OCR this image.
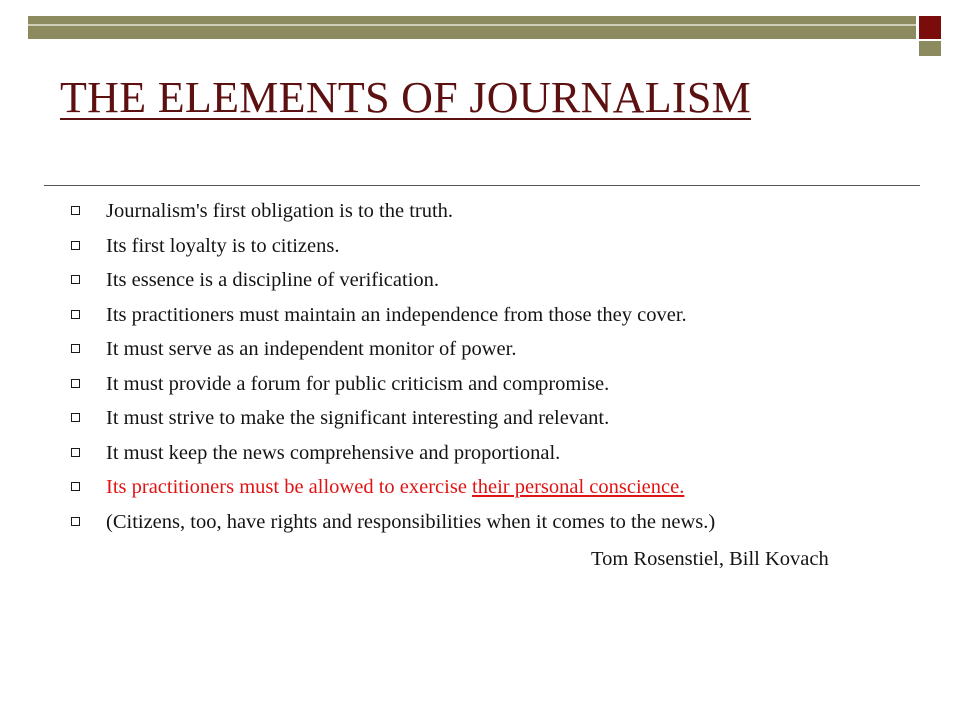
THE ELEMENTS OF JOURNALISM
Journalism's first obligation is to the truth.
Its first loyalty is to citizens.
Its essence is a discipline of verification.
Its practitioners must maintain an independence from those they cover.
It must serve as an independent monitor of power.
It must provide a forum for public criticism and compromise.
It must strive to make the significant interesting and relevant.
It must keep the news comprehensive and proportional.
Its practitioners must be allowed to exercise their personal conscience.
(Citizens, too, have rights and responsibilities when it comes to the news.)
Tom Rosenstiel, Bill Kovach
